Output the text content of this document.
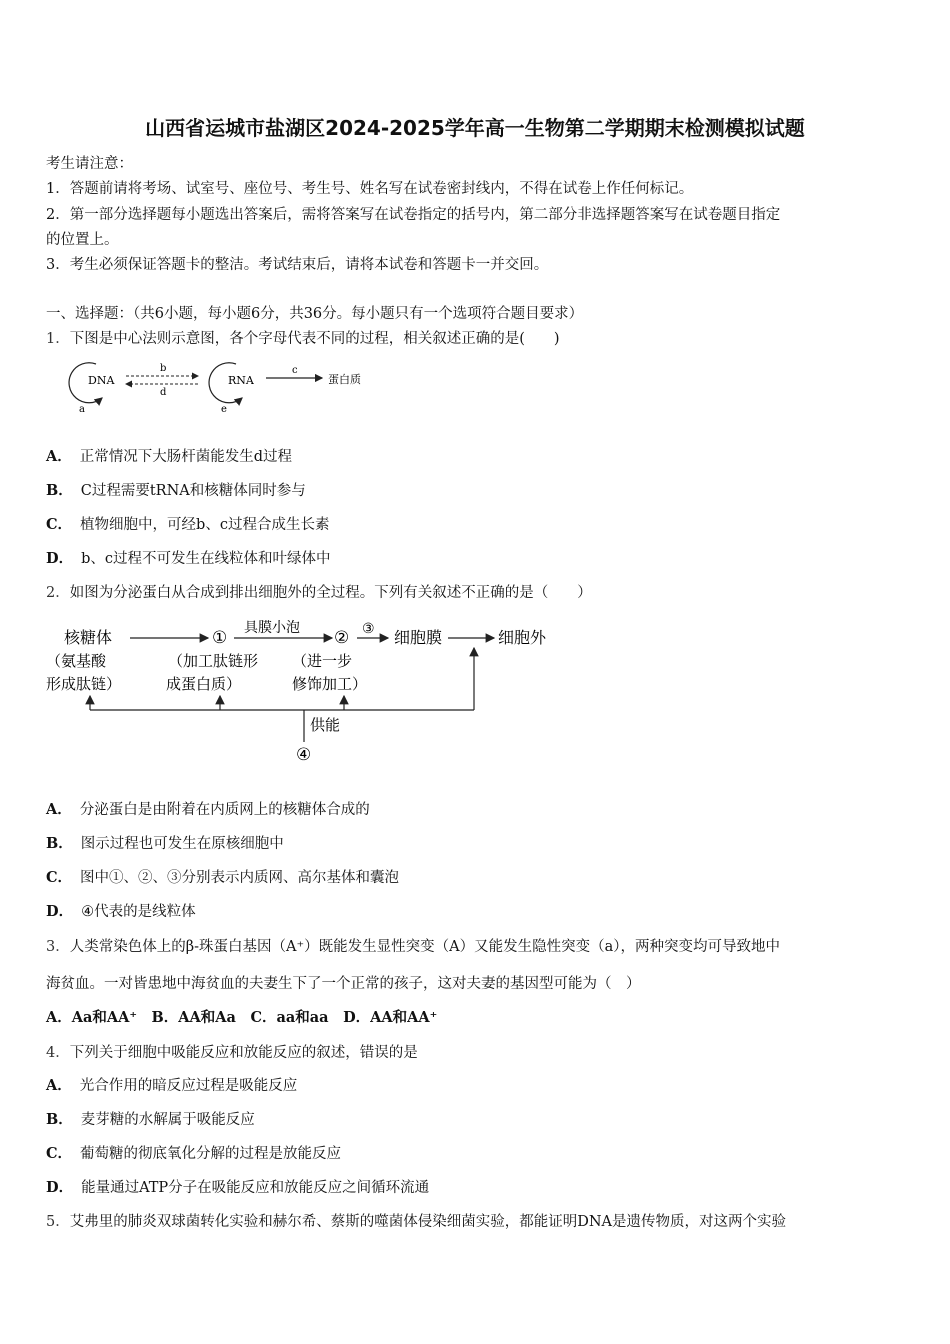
山西省运城市盐湖区2024-2025学年高一生物第二学期期末检测模拟试题
考生请注意：
1．答题前请将考场、试室号、座位号、考生号、姓名写在试卷密封线内，不得在试卷上作任何标记。
2．第一部分选择题每小题选出答案后，需将答案写在试卷指定的括号内，第二部分非选择题答案写在试卷题目指定
的位置上。
3．考生必须保证答题卡的整洁。考试结束后，请将本试卷和答题卡一并交回。
一、选择题：（共6小题，每小题6分，共36分。每小题只有一个选项符合题目要求）
1．下图是中心法则示意图，各个字母代表不同的过程，相关叙述正确的是(　　)
DNA
a
b
d
RNA
e
c
蛋白质
A． 正常情况下大肠杆菌能发生d过程
B． C过程需要tRNA和核糖体同时参与
C． 植物细胞中，可经b、c过程合成生长素
D． b、c过程不可发生在线粒体和叶绿体中
2．如图为分泌蛋白从合成到排出细胞外的全过程。下列有关叙述不正确的是（　　）
核糖体
（氨基酸
形成肽链）
① 具膜小泡
（加工肽链形
成蛋白质）
② ③
（进一步
修饰加工）
细胞膜	细胞外
供能
④
A． 分泌蛋白是由附着在内质网上的核糖体合成的
B． 图示过程也可发生在原核细胞中
C． 图中①、②、③分别表示内质网、高尔基体和囊泡
D． ④代表的是线粒体
3．人类常染色体上的β-珠蛋白基因（A⁺）既能发生显性突变（A）又能发生隐性突变（a），两种突变均可导致地中
海贫血。一对皆患地中海贫血的夫妻生下了一个正常的孩子，这对夫妻的基因型可能为（　）
A．Aa和AA⁺　B．AA和Aa　C．aa和aa　D．AA和AA⁺
4．下列关于细胞中吸能反应和放能反应的叙述，错误的是
A． 光合作用的暗反应过程是吸能反应
B． 麦芽糖的水解属于吸能反应
C． 葡萄糖的彻底氧化分解的过程是放能反应
D． 能量通过ATP分子在吸能反应和放能反应之间循环流通
5．艾弗里的肺炎双球菌转化实验和赫尔希、蔡斯的噬菌体侵染细菌实验，都能证明DNA是遗传物质，对这两个实验
